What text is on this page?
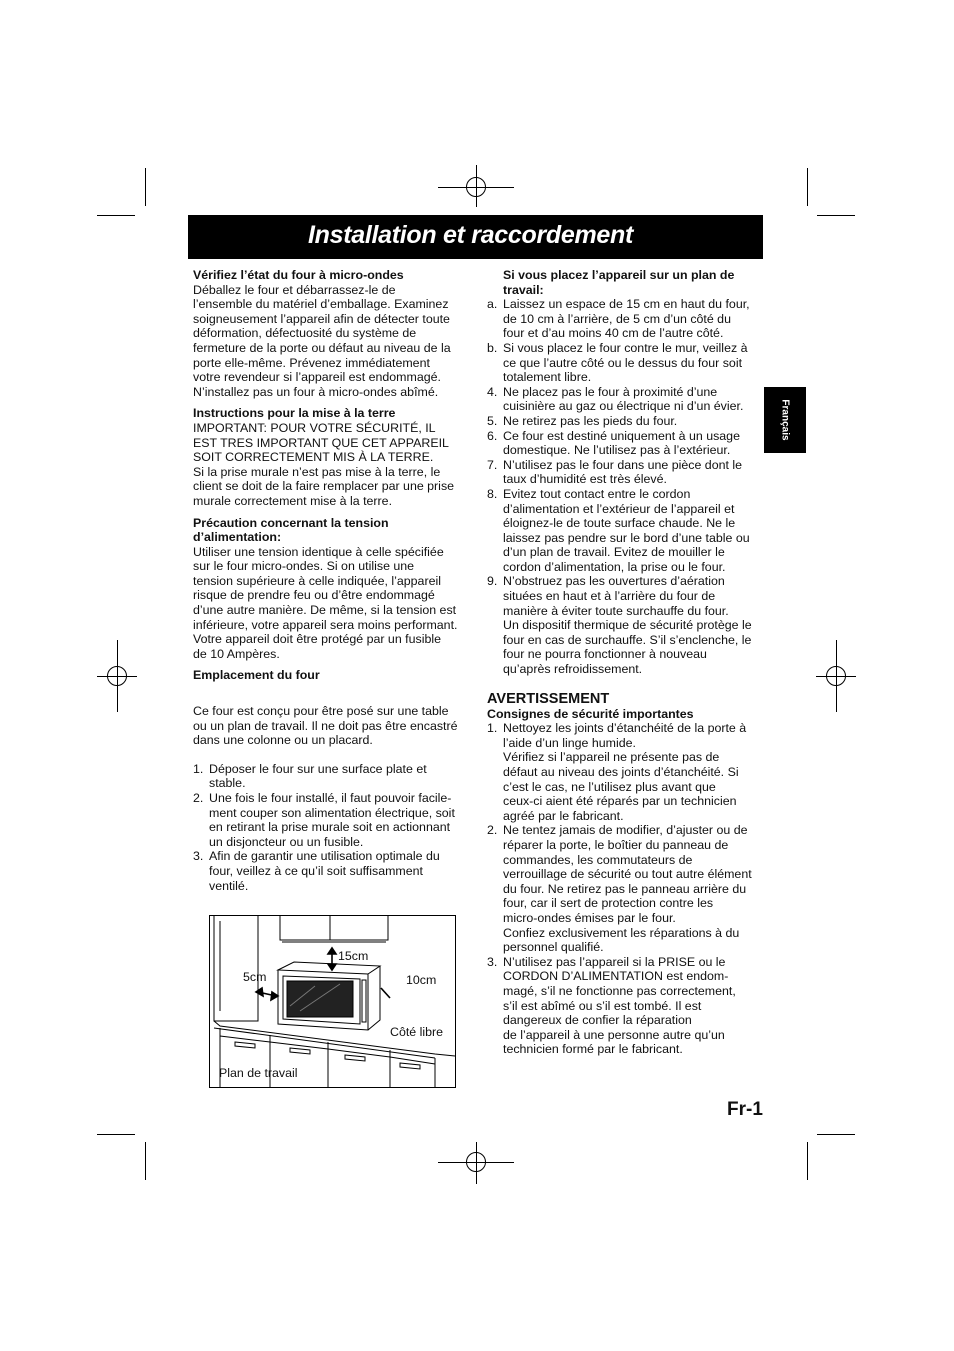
Installation et raccordement
Français

Vérifiez l’état du four à micro-ondes

Déballez le four et débarrassez-le de

l’ensemble du matériel d’emballage. Examinez

soigneusement l’appareil afin de détecter toute

déformation, défectuosité du système de

fermeture de la porte ou défaut au niveau de la

porte elle-même. Prévenez immédiatement

votre revendeur si l’appareil est endommagé.

N’installez pas un four à micro-ondes abîmé.

Instructions pour la mise à la terre

IMPORTANT: POUR VOTRE SÉCURITÉ, IL

EST TRES IMPORTANT QUE CET APPAREIL

SOIT CORRECTEMENT MIS À LA TERRE.

Si la prise murale n’est pas mise à la terre, le

client se doit de la faire remplacer par une prise

murale correctement mise à la terre.

Précaution concernant la tension

d’alimentation:

Utiliser une tension identique à celle spécifiée

sur le four micro-ondes. Si on utilise une

tension supérieure à celle indiquée, l’appareil

risque de prendre feu ou d’être endommagé

d’une autre manière. De même, si la tension est

inférieure, votre appareil sera moins performant.

Votre appareil doit être protégé par un fusible

de 10 Ampères.

Emplacement du four

Ce four est conçu pour être posé sur une table

ou un plan de travail. Il ne doit pas être encastré

dans une colonne ou un placard.

1. Déposer le four sur une surface plate et

stable.

2. Une fois le four installé, il faut pouvoir facile-

ment couper son alimentation électrique, soit

en retirant la prise murale soit en actionnant

un disjoncteur ou un fusible.

3. Afin de garantir une utilisation optimale du

four, veillez à ce qu’il soit suffisamment

ventilé.

15cm
5cm	10cm
Côté libre
Plan de travail

Si vous placez l’appareil sur un plan de

travail:

a. Laissez un espace de 15 cm en haut du four,

de 10 cm à l’arrière, de 5 cm d’un côté du

four et d’au moins 40 cm de l’autre côté.

b. Si vous placez le four contre le mur, veillez à

ce que l’autre côté ou le dessus du four soit

totalement libre.

4. Ne placez pas le four à proximité d’une

cuisinière au gaz ou électrique ni d’un évier.

5. Ne retirez pas les pieds du four.

6. Ce four est destiné uniquement à un usage

domestique. Ne l’utilisez pas à l’extérieur.

7. N’utilisez pas le four dans une pièce dont le

taux d’humidité est très élevé.

8. Evitez tout contact entre le cordon

d’alimentation et l’extérieur de l’appareil et

éloignez-le de toute surface chaude. Ne le

laissez pas pendre sur le bord d’une table ou

d’un plan de travail. Evitez de mouiller le

cordon d’alimentation, la prise ou le four.

9. N’obstruez pas les ouvertures d’aération

situées en haut et à l’arrière du four de

manière à éviter toute surchauffe du four.

Un dispositif thermique de sécurité protège le

four en cas de surchauffe. S’il s’enclenche, le

four ne pourra fonctionner à nouveau

qu’après refroidissement.

AVERTISSEMENT

Consignes de sécurité importantes

1. Nettoyez les joints d’étanchéité de la porte à

l’aide d’un linge humide.

Vérifiez si l’appareil ne présente pas de

défaut au niveau des joints d’étanchéité. Si

c’est le cas, ne l’utilisez plus avant que

ceux-ci aient été réparés par un technicien

agréé par le fabricant.

2. Ne tentez jamais de modifier, d’ajuster ou de

réparer la porte, le boîtier du panneau de

commandes, les commutateurs de

verrouillage de sécurité ou tout autre élément

du four. Ne retirez pas le panneau arrière du

four, car il sert de protection contre les

micro-ondes émises par le four.

Confiez exclusivement les réparations à du

personnel qualifié.

3. N’utilisez pas l’appareil si la PRISE ou le

CORDON D’ALIMENTATION est endom-

magé, s’il ne fonctionne pas correctement,

s’il est abîmé ou s’il est tombé. Il est

dangereux de confier la réparation

de l’appareil à une personne autre qu’un

technicien formé par le fabricant.

Fr-1
